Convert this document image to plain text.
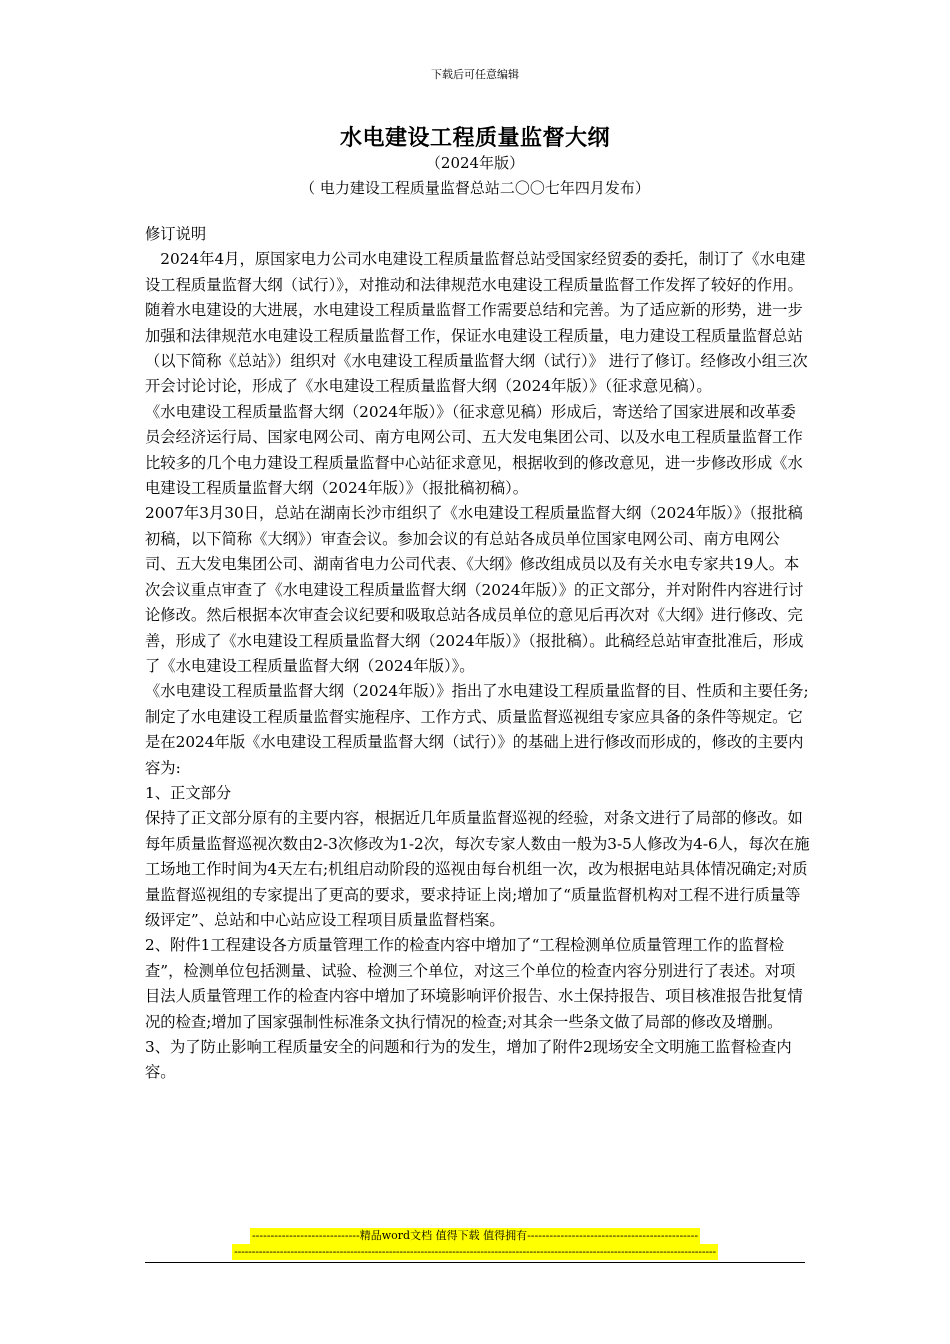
下载后可任意编辑
水电建设工程质量监督大纲
（2024年版）
（ 电力建设工程质量监督总站二〇〇七年四月发布）

修订说明

　2024年4月，原国家电力公司水电建设工程质量监督总站受国家经贸委的委托，制订了《水电建设工程质量监督大纲（试行）》，对推动和法律规范水电建设工程质量监督工作发挥了较好的作用。随着水电建设的大进展，水电建设工程质量监督工作需要总结和完善。为了适应新的形势，进一步加强和法律规范水电建设工程质量监督工作，保证水电建设工程质量，电力建设工程质量监督总站（以下简称《总站》）组织对《水电建设工程质量监督大纲（试行）》 进行了修订。经修改小组三次开会讨论讨论，形成了《水电建设工程质量监督大纲（2024年版）》（征求意见稿）。

《水电建设工程质量监督大纲（2024年版）》（征求意见稿）形成后，寄送给了国家进展和改革委员会经济运行局、国家电网公司、南方电网公司、五大发电集团公司、以及水电工程质量监督工作比较多的几个电力建设工程质量监督中心站征求意见，根据收到的修改意见，进一步修改形成《水电建设工程质量监督大纲（2024年版）》（报批稿初稿）。

2007年3月30日，总站在湖南长沙市组织了《水电建设工程质量监督大纲（2024年版）》（报批稿初稿，以下简称《大纲》）审查会议。参加会议的有总站各成员单位国家电网公司、南方电网公司、五大发电集团公司、湖南省电力公司代表、《大纲》修改组成员以及有关水电专家共19人。本次会议重点审查了《水电建设工程质量监督大纲（2024年版）》的正文部分，并对附件内容进行讨论修改。然后根据本次审查会议纪要和吸取总站各成员单位的意见后再次对《大纲》进行修改、完善，形成了《水电建设工程质量监督大纲（2024年版）》（报批稿）。此稿经总站审查批准后，形成了《水电建设工程质量监督大纲（2024年版）》。

《水电建设工程质量监督大纲（2024年版）》指出了水电建设工程质量监督的目、性质和主要任务;制定了水电建设工程质量监督实施程序、工作方式、质量监督巡视组专家应具备的条件等规定。它是在2024年版《水电建设工程质量监督大纲（试行）》的基础上进行修改而形成的，修改的主要内容为:

1、正文部分

保持了正文部分原有的主要内容，根据近几年质量监督巡视的经验，对条文进行了局部的修改。如每年质量监督巡视次数由2-3次修改为1-2次，每次专家人数由一般为3-5人修改为4-6人，每次在施工场地工作时间为4天左右;机组启动阶段的巡视由每台机组一次，改为根据电站具体情况确定;对质量监督巡视组的专家提出了更高的要求，要求持证上岗;增加了“质量监督机构对工程不进行质量等级评定”、总站和中心站应设工程项目质量监督档案。

2、附件1工程建设各方质量管理工作的检查内容中增加了“工程检测单位质量管理工作的监督检查”，检测单位包括测量、试验、检测三个单位，对这三个单位的检查内容分别进行了表述。对项目法人质量管理工作的检查内容中增加了环境影响评价报告、水土保持报告、项目核准报告批复情况的检查;增加了国家强制性标准条文执行情况的检查;对其余一些条文做了局部的修改及增删。

3、为了防止影响工程质量安全的问题和行为的发生，增加了附件2现场安全文明施工监督检查内容。

-----------------------------精品word文档 值得下载 值得拥有----------------------------------------------
-----------------------------------------------------------------------------------------------------------------------------------------
